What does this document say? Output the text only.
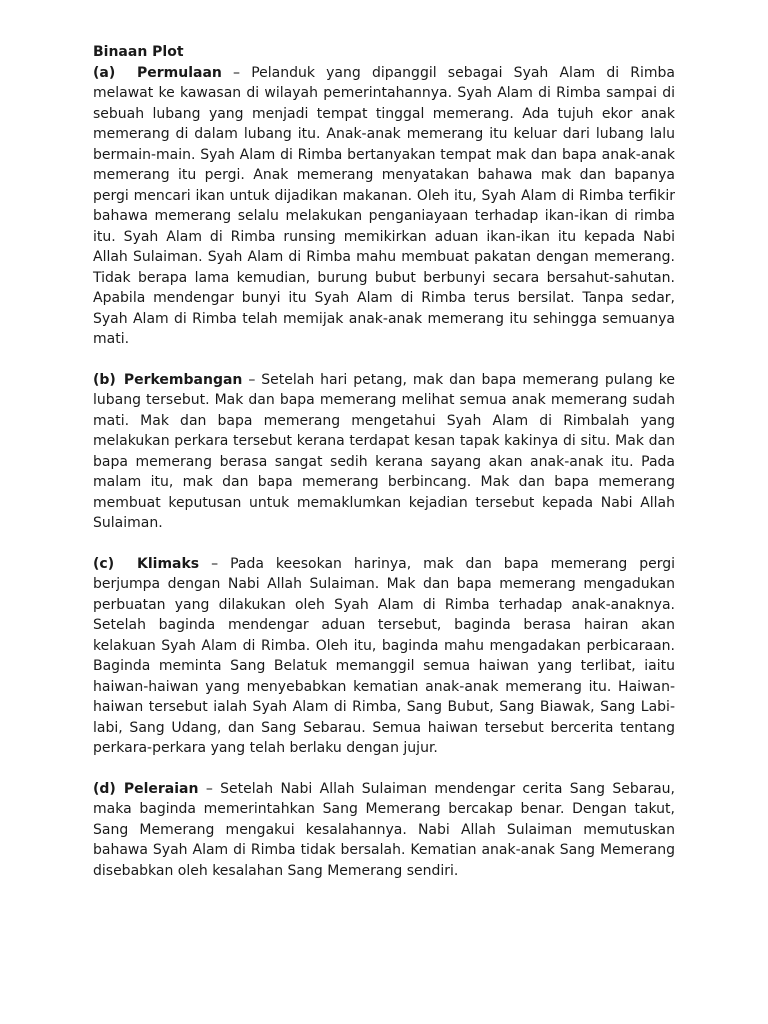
Binaan Plot

(a) Permulaan – Pelanduk yang dipanggil sebagai Syah Alam di Rimba melawat ke kawasan di wilayah pemerintahannya. Syah Alam di Rimba sampai di sebuah lubang yang menjadi tempat tinggal memerang. Ada tujuh ekor anak memerang di dalam lubang itu. Anak-anak memerang itu keluar dari lubang lalu bermain-main. Syah Alam di Rimba bertanyakan tempat mak dan bapa anak-anak memerang itu pergi. Anak memerang menyatakan bahawa mak dan bapanya pergi mencari ikan untuk dijadikan makanan. Oleh itu, Syah Alam di Rimba terfikir bahawa memerang selalu melakukan penganiayaan terhadap ikan-ikan di rimba itu. Syah Alam di Rimba runsing memikirkan aduan ikan-ikan itu kepada Nabi Allah Sulaiman. Syah Alam di Rimba mahu membuat pakatan dengan memerang. Tidak berapa lama kemudian, burung bubut berbunyi secara bersahut-sahutan. Apabila mendengar bunyi itu Syah Alam di Rimba terus bersilat. Tanpa sedar, Syah Alam di Rimba telah memijak anak-anak memerang itu sehingga semuanya mati.

(b) Perkembangan – Setelah hari petang, mak dan bapa memerang pulang ke lubang tersebut. Mak dan bapa memerang melihat semua anak memerang sudah mati. Mak dan bapa memerang mengetahui Syah Alam di Rimbalah yang melakukan perkara tersebut kerana terdapat kesan tapak kakinya di situ. Mak dan bapa memerang berasa sangat sedih kerana sayang akan anak-anak itu. Pada malam itu, mak dan bapa memerang berbincang. Mak dan bapa memerang membuat keputusan untuk memaklumkan kejadian tersebut kepada Nabi Allah Sulaiman.

(c) Klimaks – Pada keesokan harinya, mak dan bapa memerang pergi berjumpa dengan Nabi Allah Sulaiman. Mak dan bapa memerang mengadukan perbuatan yang dilakukan oleh Syah Alam di Rimba terhadap anak-anaknya. Setelah baginda mendengar aduan tersebut, baginda berasa hairan akan kelakuan Syah Alam di Rimba. Oleh itu, baginda mahu mengadakan perbicaraan. Baginda meminta Sang Belatuk memanggil semua haiwan yang terlibat, iaitu haiwan-haiwan yang menyebabkan kematian anak-anak memerang itu. Haiwan-haiwan tersebut ialah Syah Alam di Rimba, Sang Bubut, Sang Biawak, Sang Labi-labi, Sang Udang, dan Sang Sebarau. Semua haiwan tersebut bercerita tentang perkara-perkara yang telah berlaku dengan jujur.

(d) Peleraian – Setelah Nabi Allah Sulaiman mendengar cerita Sang Sebarau, maka baginda memerintahkan Sang Memerang bercakap benar. Dengan takut, Sang Memerang mengakui kesalahannya. Nabi Allah Sulaiman memutuskan bahawa Syah Alam di Rimba tidak bersalah. Kematian anak-anak Sang Memerang disebabkan oleh kesalahan Sang Memerang sendiri.
